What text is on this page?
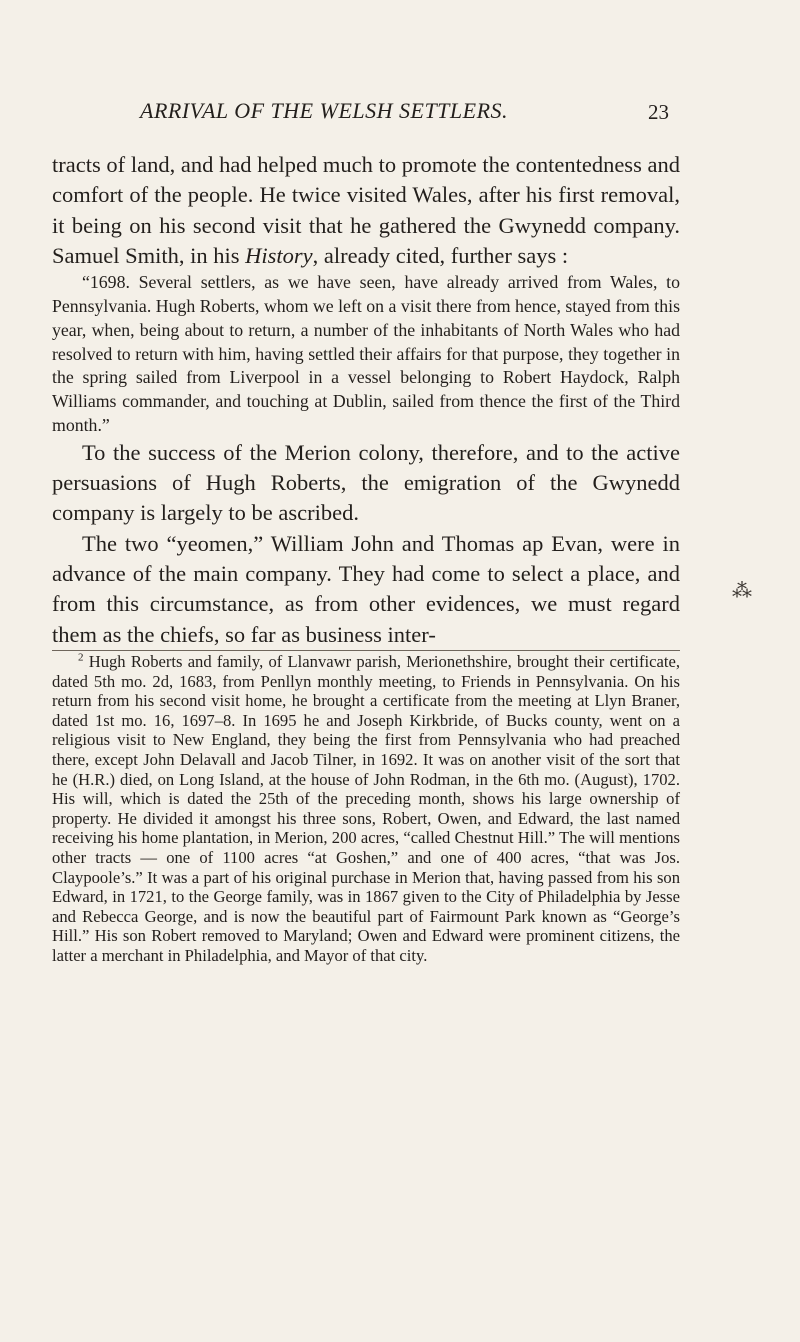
ARRIVAL OF THE WELSH SETTLERS.	23

tracts of land, and had helped much to promote the contentedness and comfort of the people. He twice visited Wales, after his first removal, it being on his second visit that he gathered the Gwynedd company. Samuel Smith, in his History, already cited, further says :

“1698. Several settlers, as we have seen, have already arrived from Wales, to Pennsylvania. Hugh Roberts, whom we left on a visit there from hence, stayed from this year, when, being about to return, a number of the inhabitants of North Wales who had resolved to return with him, having settled their affairs for that purpose, they together in the spring sailed from Liverpool in a vessel belonging to Robert Haydock, Ralph Williams commander, and touching at Dublin, sailed from thence the first of the Third month.”

To the success of the Merion colony, therefore, and to the active persuasions of Hugh Roberts, the emigration of the Gwynedd company is largely to be ascribed.

The two “yeomen,” William John and Thomas ap Evan, were in advance of the main company. They had come to select a place, and from this circumstance, as from other evidences, we must regard them as the chiefs, so far as business inter-

$^2$ Hugh Roberts and family, of Llanvawr parish, Merionethshire, brought their certificate, dated 5th mo. 2d, 1683, from Penllyn monthly meeting, to Friends in Pennsylvania. On his return from his second visit home, he brought a certificate from the meeting at Llyn Braner, dated 1st mo. 16, 1697–8. In 1695 he and Joseph Kirkbride, of Bucks county, went on a religious visit to New England, they being the first from Pennsylvania who had preached there, except John Delavall and Jacob Tilner, in 1692. It was on another visit of the sort that he (H.R.) died, on Long Island, at the house of John Rodman, in the 6th mo. (August), 1702. His will, which is dated the 25th of the preceding month, shows his large ownership of property. He divided it amongst his three sons, Robert, Owen, and Edward, the last named receiving his home plantation, in Merion, 200 acres, “called Chestnut Hill.” The will mentions other tracts — one of 1100 acres “at Goshen,” and one of 400 acres, “that was Jos. Claypoole’s.” It was a part of his original purchase in Merion that, having passed from his son Edward, in 1721, to the George family, was in 1867 given to the City of Philadelphia by Jesse and Rebecca George, and is now the beautiful part of Fairmount Park known as “George’s Hill.” His son Robert removed to Maryland; Owen and Edward were prominent citizens, the latter a merchant in Philadelphia, and Mayor of that city.

⁂
